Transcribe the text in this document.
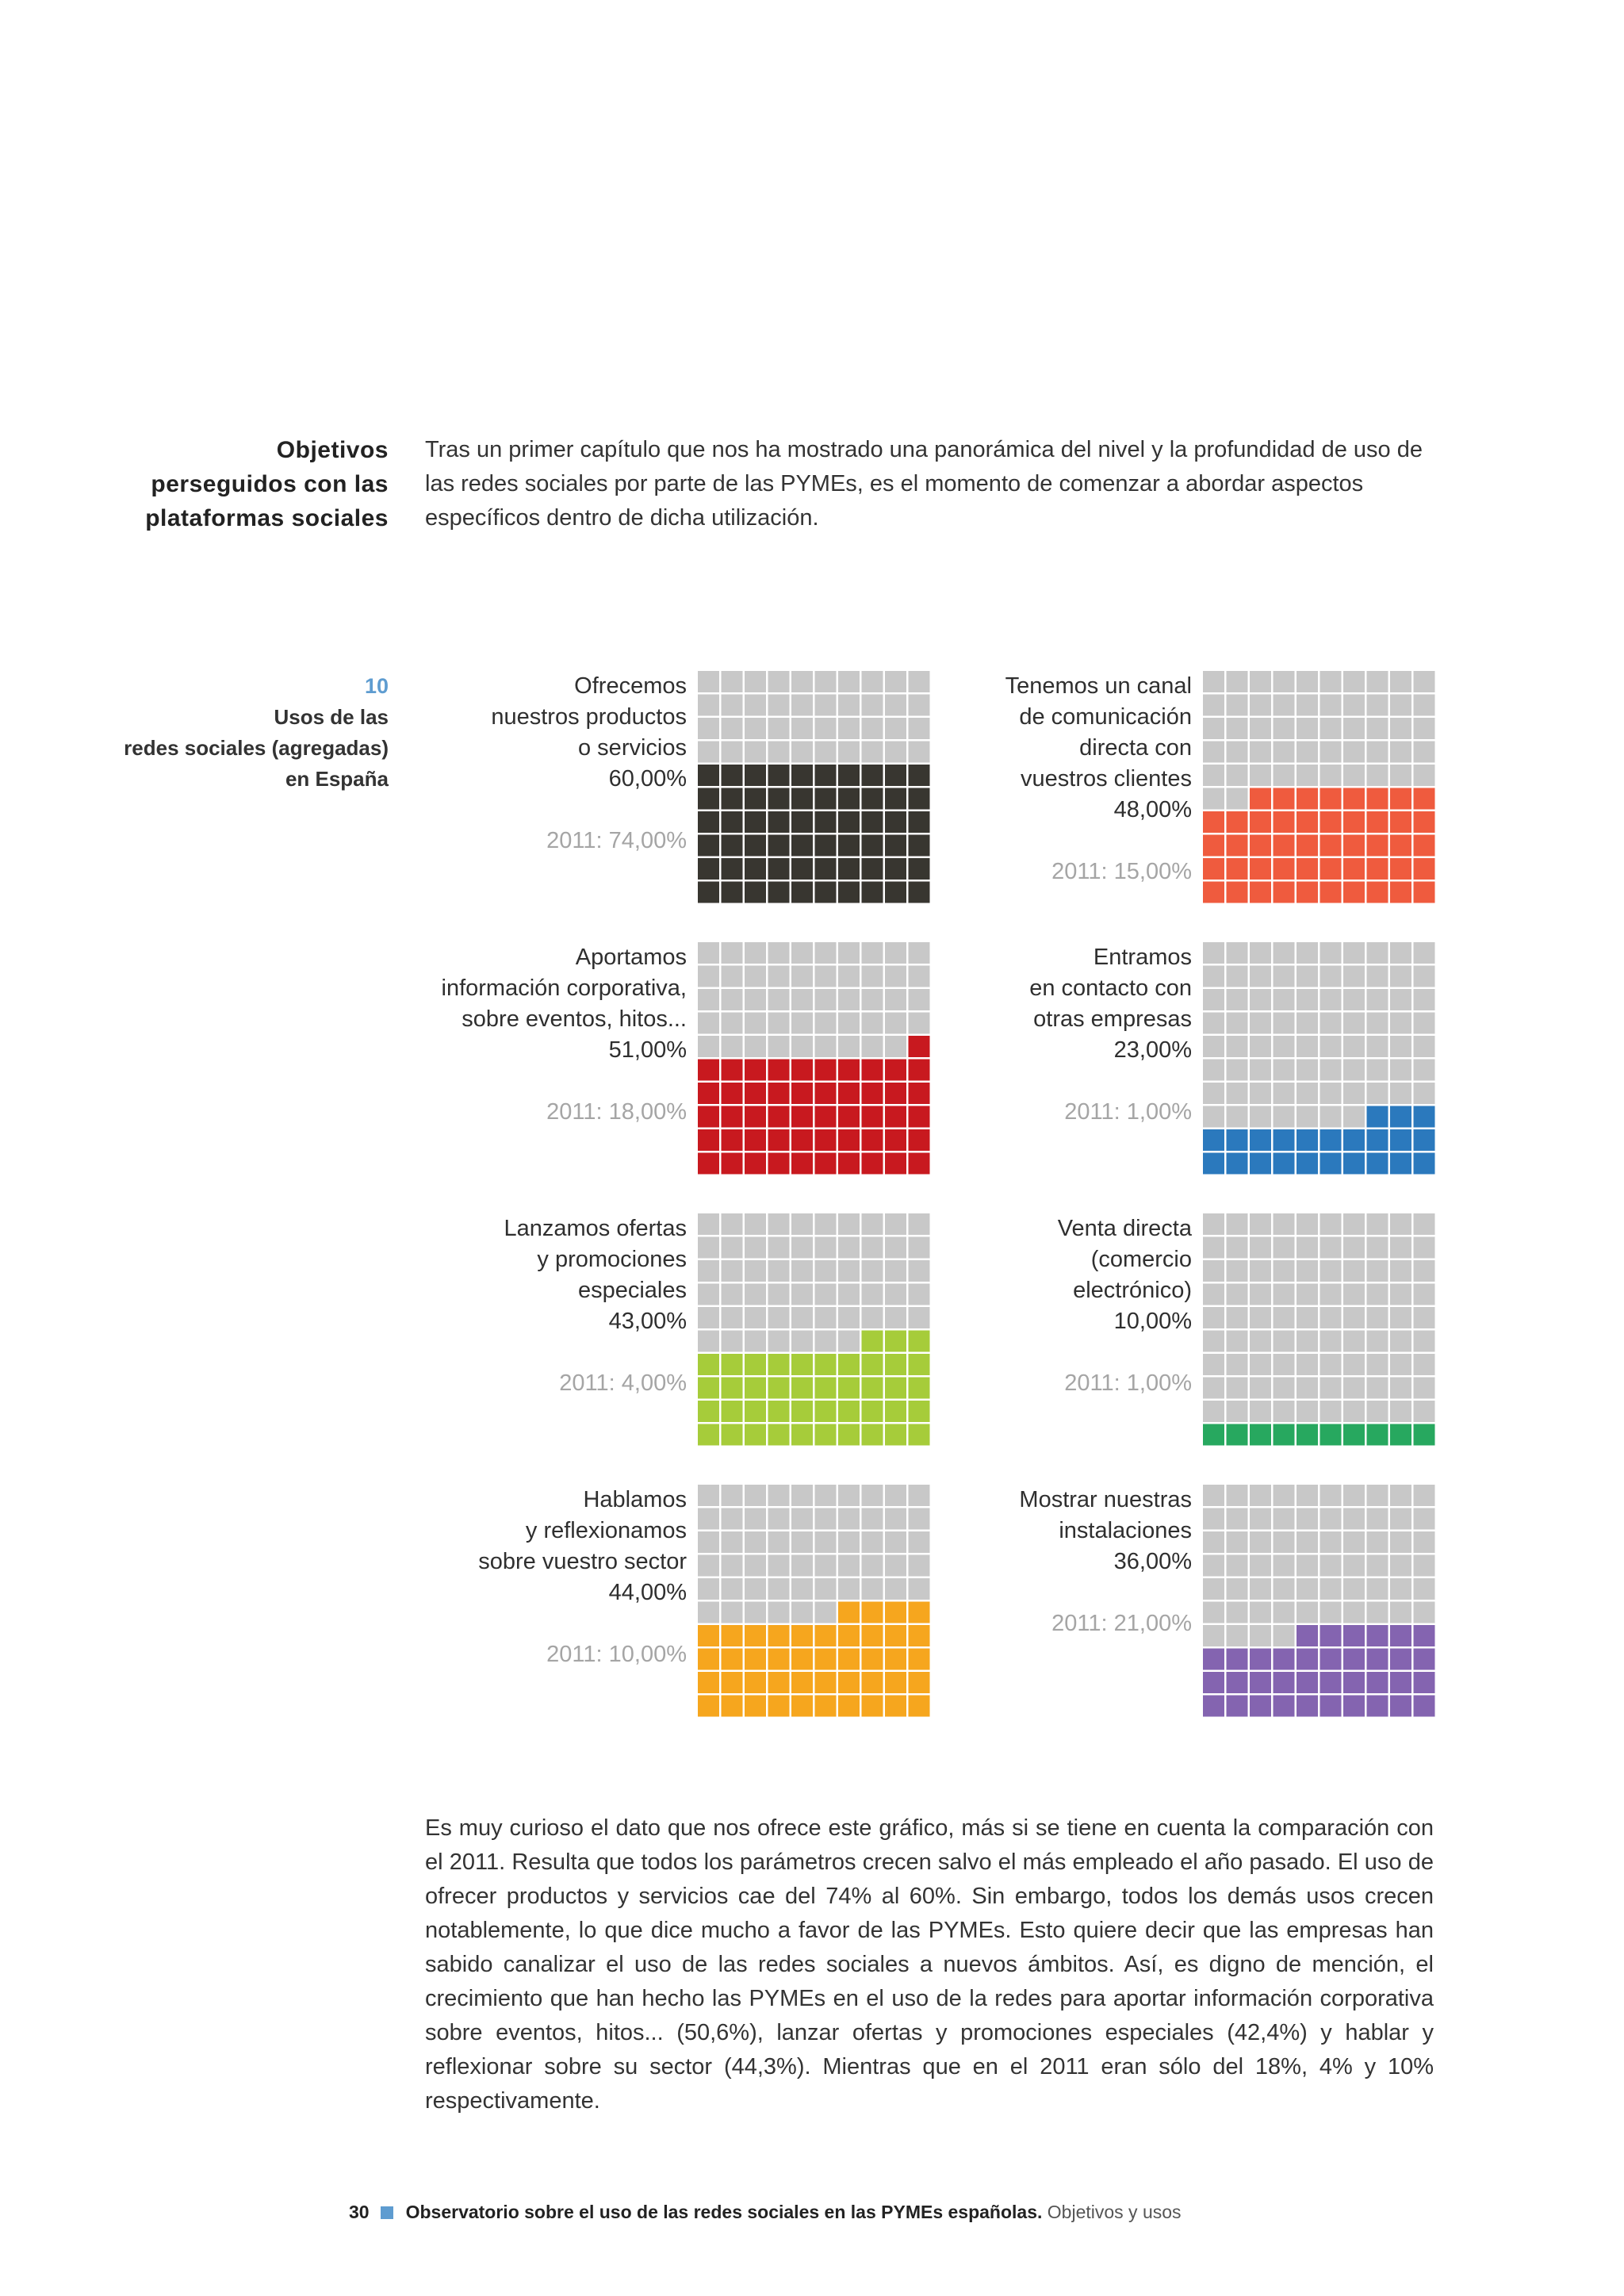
Objetivos
perseguidos con las
plataformas sociales
Tras un primer capítulo que nos ha mostrado una panorámica del nivel y la profundidad de uso de las redes sociales por parte de las PYMEs, es el momento de comenzar a abordar aspectos específicos dentro de dicha utilización.
10
Usos de las
redes sociales (agregadas)
en España
Ofrecemos
nuestros productos
o servicios
60,00%
2011: 74,00%
Tenemos un canal
de comunicación
directa con
vuestros clientes
48,00%
2011: 15,00%
Aportamos
información corporativa,
sobre eventos, hitos...
51,00%
2011: 18,00%
Entramos
en contacto con
otras empresas
23,00%
2011: 1,00%
Lanzamos ofertas
y promociones
especiales
43,00%
2011: 4,00%
Venta directa
(comercio
electrónico)
10,00%
2011: 1,00%
Hablamos
y reflexionamos
sobre vuestro sector
44,00%
2011: 10,00%
Mostrar nuestras
instalaciones
36,00%
2011: 21,00%
Es muy curioso el dato que nos ofrece este gráfico, más si se tiene en cuenta la comparación con el 2011. Resulta que todos los parámetros crecen salvo el más empleado el año pasado. El uso de ofrecer productos y servicios cae del 74% al 60%. Sin embargo, todos los demás usos crecen notablemente, lo que dice mucho a favor de las PYMEs. Esto quiere decir que las empresas han sabido canalizar el uso de las redes sociales a nuevos ámbitos. Así, es digno de mención, el crecimiento que han hecho las PYMEs en el uso de la redes para aportar información corporativa sobre eventos, hitos... (50,6%), lanzar ofertas y promociones especiales (42,4%) y hablar y reflexionar sobre su sector (44,3%). Mientras que en el 2011 eran sólo del 18%, 4% y 10% respectivamente.
30 Observatorio sobre el uso de las redes sociales en las PYMEs españolas. Objetivos y usos
